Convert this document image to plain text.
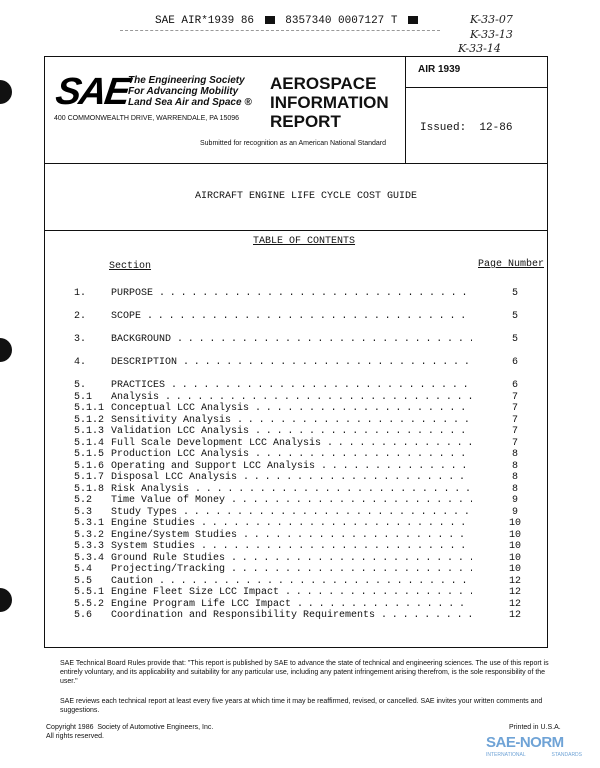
SAE AIR*1939 86	8357340 0007127 T	K-33-07
K-33-13
K-33-14
SAE
The Engineering Society
For Advancing Mobility
Land Sea Air and Space ®
400 COMMONWEALTH DRIVE, WARRENDALE, PA 15096
AEROSPACE
INFORMATION
REPORT
Submitted for recognition as an American National Standard
AIR 1939
Issued:  12-86
AIRCRAFT ENGINE LIFE CYCLE COST GUIDE
TABLE OF CONTENTS
Section	Page Number
1. PURPOSE . . .	5
2. SCOPE . . .	5
3. BACKGROUND . . .	5
4. DESCRIPTION . . .	6
5. PRACTICES . . .	6
5.1 Analysis . . .	7
5.1.1 Conceptual LCC Analysis . . .	7
5.1.2 Sensitivity Analysis . . .	7
5.1.3 Validation LCC Analysis . . .	7
5.1.4 Full Scale Development LCC Analysis . . .	7
5.1.5 Production LCC Analysis . . .	8
5.1.6 Operating and Support LCC Analysis . . .	8
5.1.7 Disposal LCC Analysis . . .	8
5.1.8 Risk Analysis . . .	8
5.2 Time Value of Money . . .	9
5.3 Study Types . . .	9
5.3.1 Engine Studies . . .	10
5.3.2 Engine/System Studies . . .	10
5.3.3 System Studies . . .	10
5.3.4 Ground Rule Studies . . .	10
5.4 Projecting/Tracking . . .	10
5.5 Caution . . .	12
5.5.1 Engine Fleet Size LCC Impact . . .	12
5.5.2 Engine Program Life LCC Impact . . .	12
5.6 Coordination and Responsibility Requirements . . .	12
SAE Technical Board Rules provide that: "This report is published by SAE to advance the state of technical and engineering sciences. The use of this report is entirely voluntary, and its applicability and suitability for any particular use, including any patent infringement arising therefrom, is the sole responsibility of the user."
SAE reviews each technical report at least every five years at which time it may be reaffirmed, revised, or cancelled. SAE invites your written comments and suggestions.
Copyright 1986  Society of Automotive Engineers, Inc.
All rights reserved.
Printed in U.S.A.
SAE-NORM
INTERNATIONAL	STANDARDS
